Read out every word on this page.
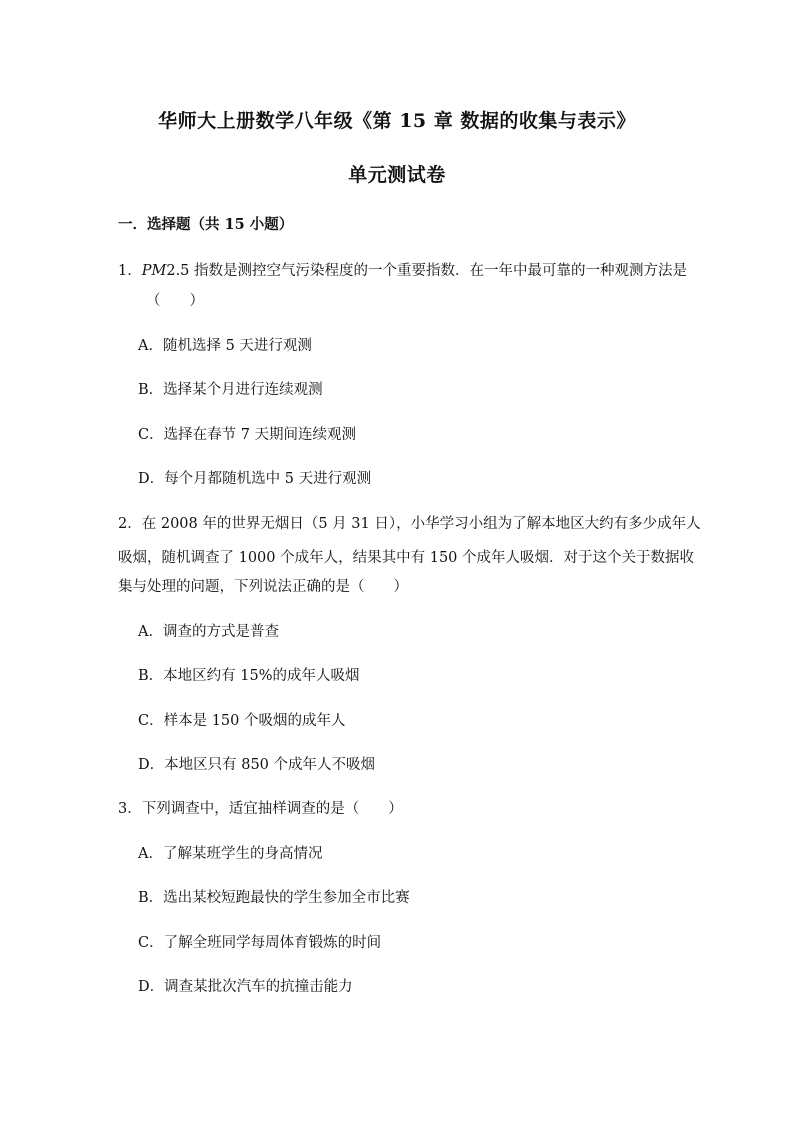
华师大上册数学八年级《第 15 章 数据的收集与表示》
单元测试卷
一．选择题（共 15 小题）
1．PM2.5 指数是测控空气污染程度的一个重要指数．在一年中最可靠的一种观测方法是
（　　）
A．随机选择 5 天进行观测
B．选择某个月进行连续观测
C．选择在春节 7 天期间连续观测
D．每个月都随机选中 5 天进行观测
2．在 2008 年的世界无烟日（5 月 31 日），小华学习小组为了解本地区大约有多少成年人
吸烟，随机调查了 1000 个成年人，结果其中有 150 个成年人吸烟．对于这个关于数据收
集与处理的问题，下列说法正确的是（　　）
A．调查的方式是普查
B．本地区约有 15%的成年人吸烟
C．样本是 150 个吸烟的成年人
D．本地区只有 850 个成年人不吸烟
3．下列调查中，适宜抽样调查的是（　　）
A．了解某班学生的身高情况
B．选出某校短跑最快的学生参加全市比赛
C．了解全班同学每周体育锻炼的时间
D．调查某批次汽车的抗撞击能力
